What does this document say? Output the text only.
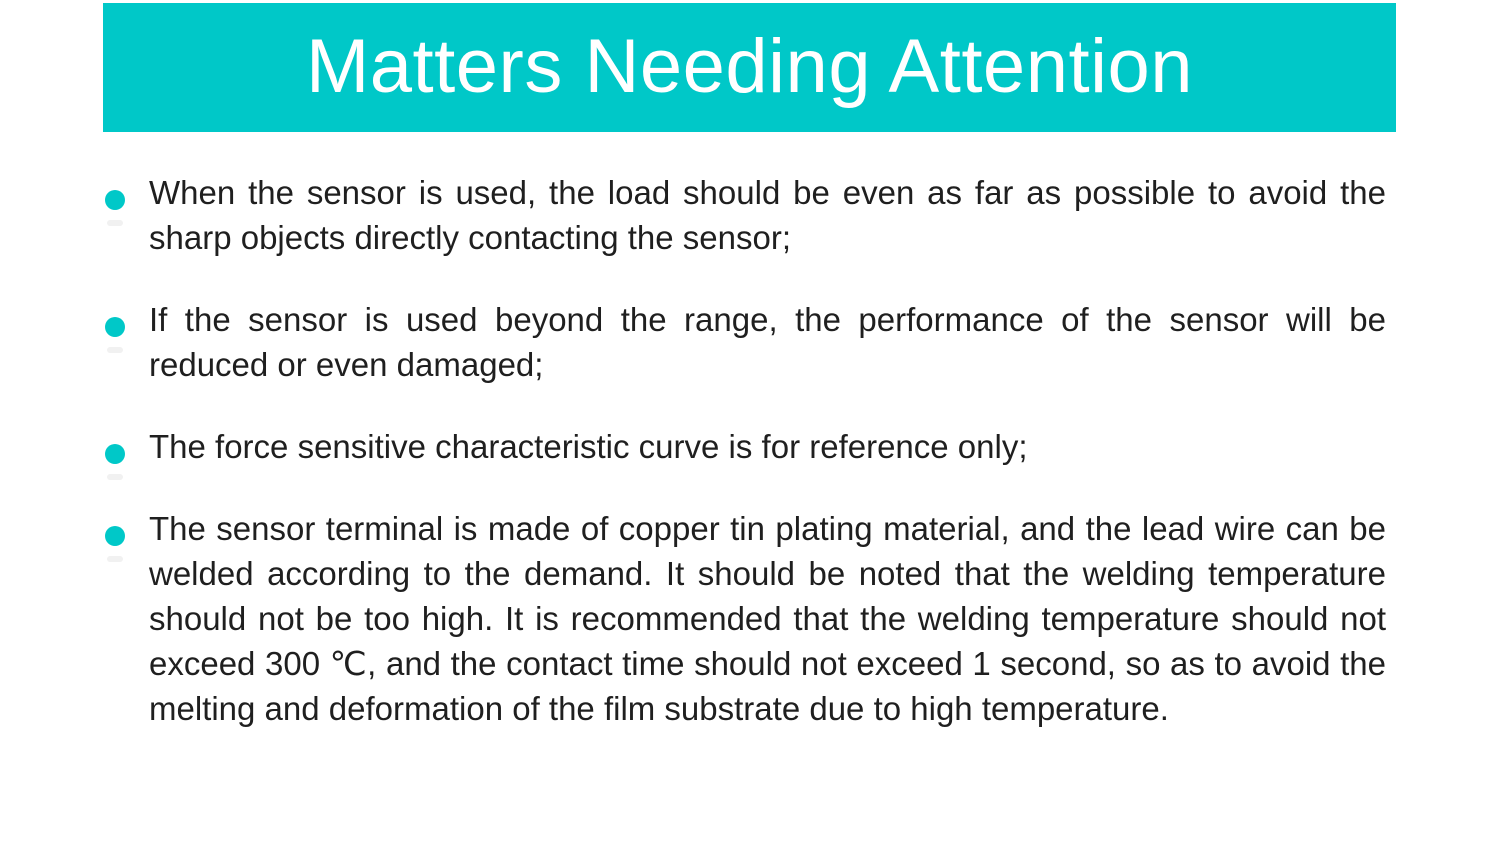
Matters Needing Attention
When the sensor is used, the load should be even as far as possible to avoid the sharp objects directly contacting the sensor;
If the sensor is used beyond the range, the performance of the sensor will be reduced or even damaged;
The force sensitive characteristic curve is for reference only;
The sensor terminal is made of copper tin plating material, and the lead wire can be welded according to the demand. It should be noted that the welding temperature should not be too high. It is recommended that the welding temperature should not exceed 300 ℃, and the contact time should not exceed 1 second, so as to avoid the melting and deformation of the film substrate due to high temperature.
